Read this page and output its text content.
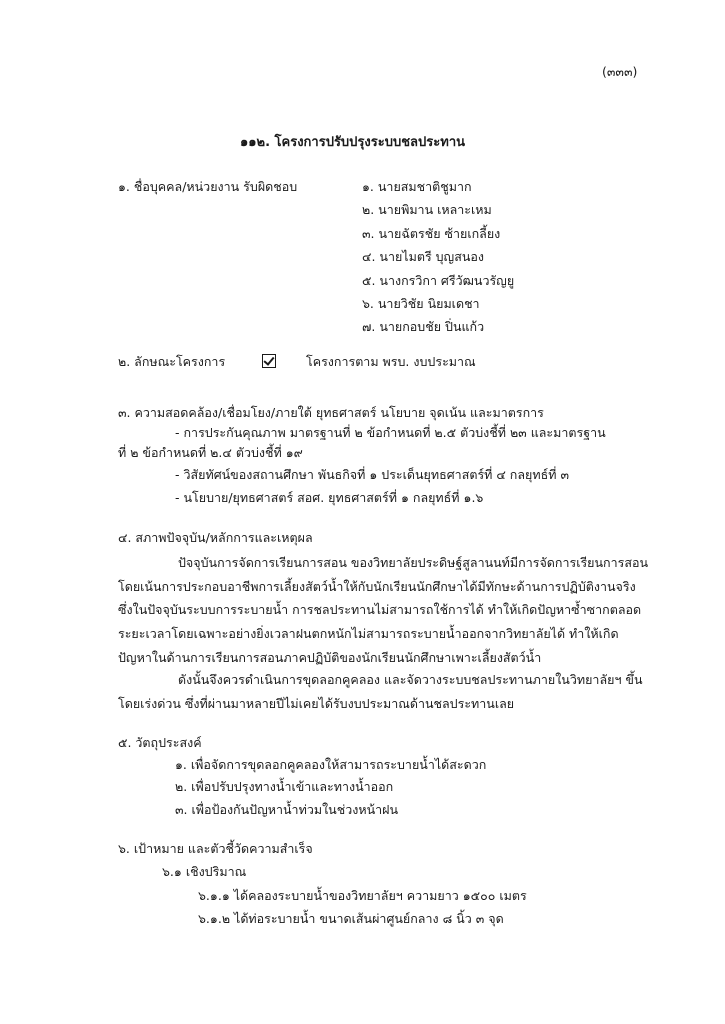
(๓๓๓)
๑๑๒. โครงการปรับปรุงระบบชลประทาน
๑. ชื่อบุคคล/หน่วยงาน รับผิดชอบ	๑. นายสมชาติชูมาก
๒. นายพิมาน เหลาะเหม
๓. นายฉัตรชัย ซ้ายเกลี้ยง
๔. นายไมตรี บุญสนอง
๕. นางกรวิกา ศรีวัฒนวรัญยู
๖. นายวิชัย นิยมเดชา
๗. นายกอบชัย ปิ่นแก้ว
๒. ลักษณะโครงการ	โครงการตาม พรบ. งบประมาณ
๓. ความสอดคล้อง/เชื่อมโยง/ภายใต้ ยุทธศาสตร์ นโยบาย จุดเน้น และมาตรการ
- การประกันคุณภาพ มาตรฐานที่ ๒ ข้อกำหนดที่ ๒.๕ ตัวบ่งชี้ที่ ๒๓ และมาตรฐาน
ที่ ๒ ข้อกำหนดที่ ๒.๔ ตัวบ่งชี้ที่ ๑๙
- วิสัยทัศน์ของสถานศึกษา พันธกิจที่ ๑ ประเด็นยุทธศาสตร์ที่ ๔ กลยุทธ์ที่ ๓
- นโยบาย/ยุทธศาสตร์ สอศ. ยุทธศาสตร์ที่ ๑ กลยุทธ์ที่ ๑.๖
๔. สภาพปัจจุบัน/หลักการและเหตุผล
ปัจจุบันการจัดการเรียนการสอน ของวิทยาลัยประดิษฐ์สูลานนท์มีการจัดการเรียนการสอน
โดยเน้นการประกอบอาชีพการเลี้ยงสัตว์น้ำให้กับนักเรียนนักศึกษาได้มีทักษะด้านการปฏิบัติงานจริง
ซึ่งในปัจจุบันระบบการระบายน้ำ การชลประทานไม่สามารถใช้การได้ ทำให้เกิดปัญหาซ้ำซากตลอด
ระยะเวลาโดยเฉพาะอย่างยิ่งเวลาฝนตกหนักไม่สามารถระบายน้ำออกจากวิทยาลัยได้ ทำให้เกิด
ปัญหาในด้านการเรียนการสอนภาคปฏิบัติของนักเรียนนักศึกษาเพาะเลี้ยงสัตว์น้ำ
ดังนั้นจึงควรดำเนินการขุดลอกคูคลอง และจัดวางระบบชลประทานภายในวิทยาลัยฯ ขึ้น
โดยเร่งด่วน ซึ่งที่ผ่านมาหลายปีไม่เคยได้รับงบประมาณด้านชลประทานเลย
๕. วัตถุประสงค์
๑. เพื่อจัดการขุดลอกคูคลองให้สามารถระบายน้ำได้สะดวก
๒. เพื่อปรับปรุงทางน้ำเข้าและทางน้ำออก
๓. เพื่อป้องกันปัญหาน้ำท่วมในช่วงหน้าฝน
๖. เป้าหมาย และตัวชี้วัดความสำเร็จ
๖.๑ เชิงปริมาณ
๖.๑.๑ ได้คลองระบายน้ำของวิทยาลัยฯ ความยาว ๑๕๐๐ เมตร
๖.๑.๒ ได้ท่อระบายน้ำ ขนาดเส้นผ่าศูนย์กลาง ๘ นิ้ว ๓ จุด
